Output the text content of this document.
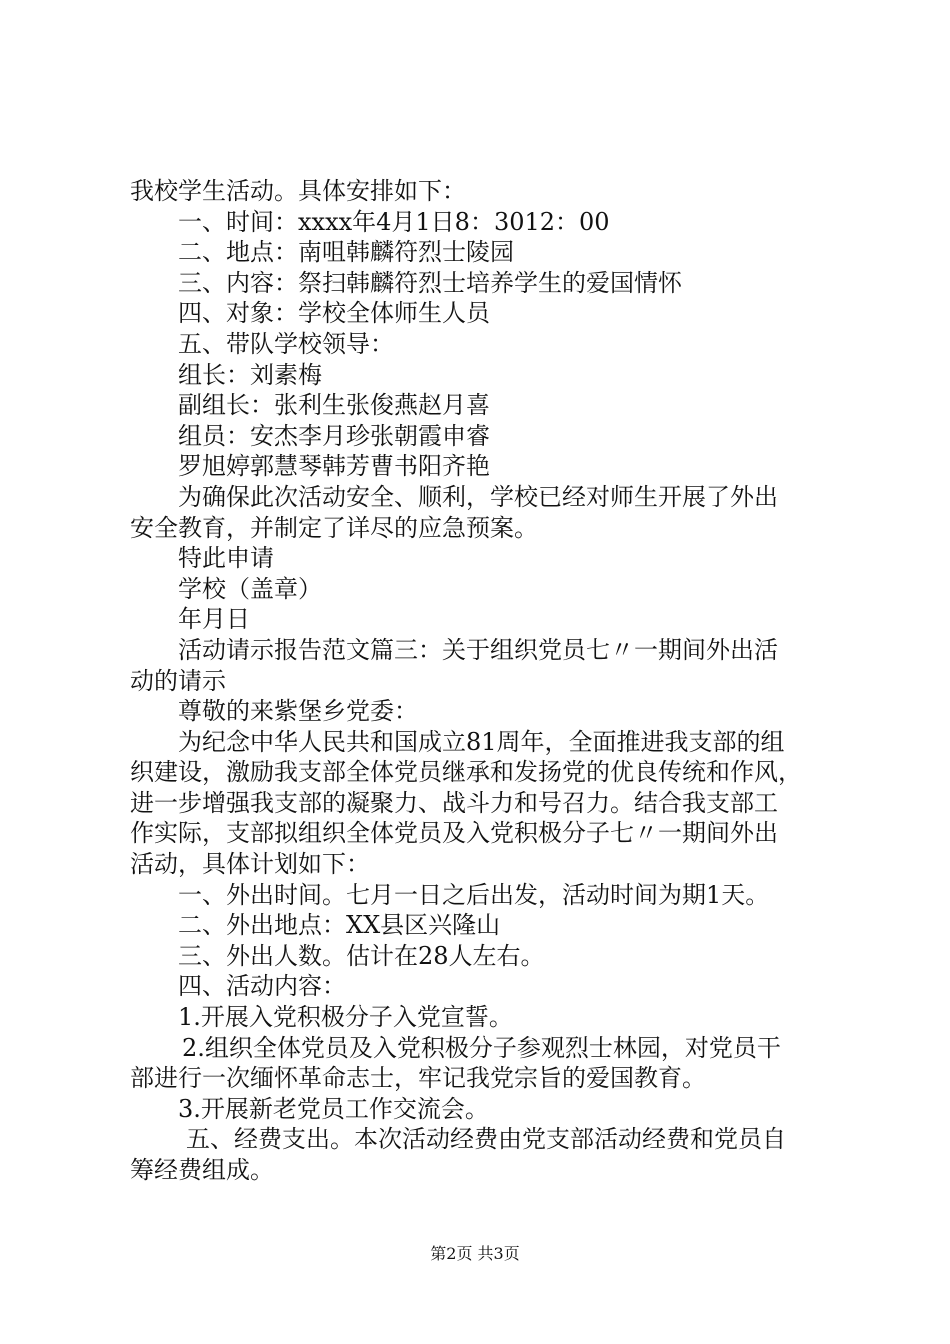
我校学生活动。具体安排如下：

一、时间：xxxx年4月1日8：3012：00

二、地点：南咀韩麟符烈士陵园

三、内容：祭扫韩麟符烈士培养学生的爱国情怀

四、对象：学校全体师生人员

五、带队学校领导：

组长：刘素梅

副组长：张利生张俊燕赵月喜

组员：安杰李月珍张朝霞申睿

罗旭婷郭慧琴韩芳曹书阳齐艳

为确保此次活动安全、顺利，学校已经对师生开展了外出

安全教育，并制定了详尽的应急预案。

特此申请

学校（盖章）

年月日

活动请示报告范文篇三：关于组织党员七〃一期间外出活

动的请示

尊敬的来紫堡乡党委：

为纪念中华人民共和国成立81周年，全面推进我支部的组

织建设，激励我支部全体党员继承和发扬党的优良传统和作风，

进一步增强我支部的凝聚力、战斗力和号召力。结合我支部工

作实际，支部拟组织全体党员及入党积极分子七〃一期间外出

活动，具体计划如下：

一、外出时间。七月一日之后出发，活动时间为期1天。

二、外出地点：XX县区兴隆山

三、外出人数。估计在28人左右。

四、活动内容：

1.开展入党积极分子入党宣誓。

2.组织全体党员及入党积极分子参观烈士林园，对党员干

部进行一次缅怀革命志士，牢记我党宗旨的爱国教育。

3.开展新老党员工作交流会。

五、经费支出。本次活动经费由党支部活动经费和党员自

筹经费组成。

第2页 共3页
